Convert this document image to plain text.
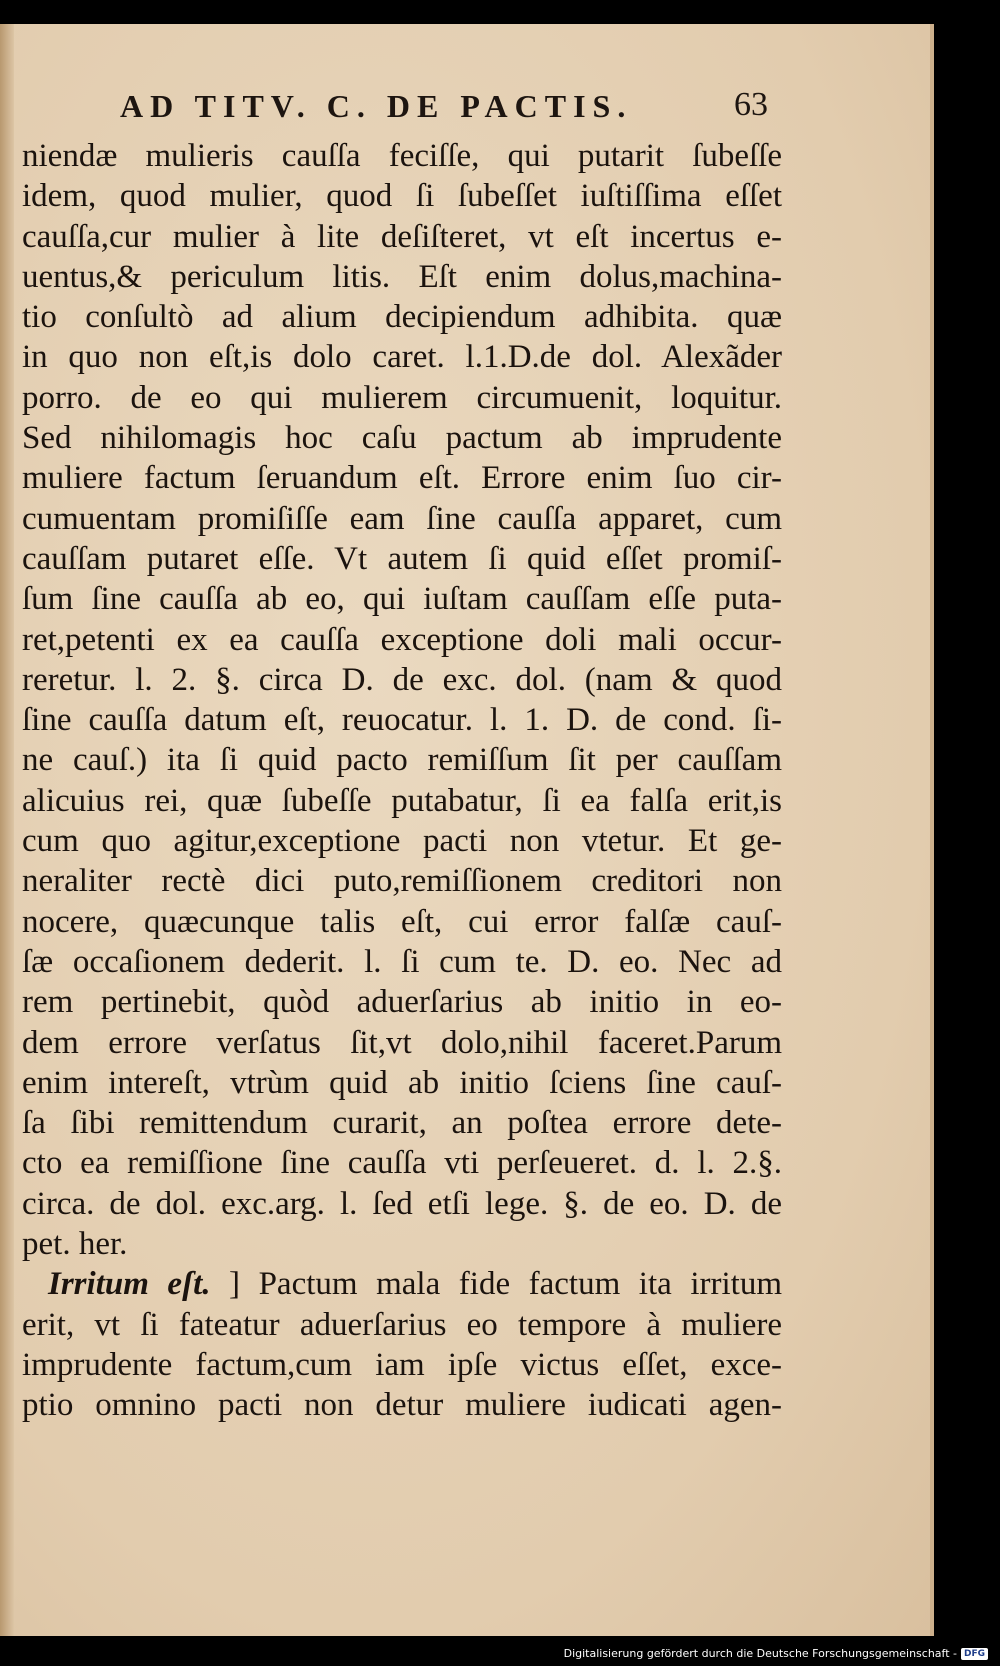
AD TITV. C. DE PACTIS.	63
niendæ mulieris cauſſa feciſſe, qui putarit ſubeſſe
idem, quod mulier, quod ſi ſubeſſet iuſtiſſima eſſet
cauſſa,cur mulier à lite deſiſteret, vt eſt incertus e-
uentus,& periculum litis. Eſt enim dolus,machina-
tio conſultò ad alium decipiendum adhibita. quæ
in quo non eſt,is dolo caret. l.1.D.de dol. Alexãder
porro. de eo qui mulierem circumuenit, loquitur.
Sed nihilomagis hoc caſu pactum ab imprudente
muliere factum ſeruandum eſt. Errore enim ſuo cir-
cumuentam promiſiſſe eam ſine cauſſa apparet, cum
cauſſam putaret eſſe. Vt autem ſi quid eſſet promiſ-
ſum ſine cauſſa ab eo, qui iuſtam cauſſam eſſe puta-
ret,petenti ex ea cauſſa exceptione doli mali occur-
reretur. l. 2. §. circa D. de exc. dol. (nam & quod
ſine cauſſa datum eſt, reuocatur. l. 1. D. de cond. ſi-
ne cauſ.) ita ſi quid pacto remiſſum ſit per cauſſam
alicuius rei, quæ ſubeſſe putabatur, ſi ea falſa erit,is
cum quo agitur,exceptione pacti non vtetur. Et ge-
neraliter rectè dici puto,remiſſionem creditori non
nocere, quæcunque talis eſt, cui error falſæ cauſ-
ſæ occaſionem dederit. l. ſi cum te. D. eo. Nec ad
rem pertinebit, quòd aduerſarius ab initio in eo-
dem errore verſatus ſit,vt dolo,nihil faceret.Parum
enim intereſt, vtrùm quid ab initio ſciens ſine cauſ-
ſa ſibi remittendum curarit, an poſtea errore dete-
cto ea remiſſione ſine cauſſa vti perſeueret. d. l. 2.§.
circa. de dol. exc.arg. l. ſed etſi lege. §. de eo. D. de
pet. her.
Irritum eſt. ] Pactum mala fide factum ita irritum
erit, vt ſi fateatur aduerſarius eo tempore à muliere
imprudente factum,cum iam ipſe victus eſſet, exce-
ptio omnino pacti non detur muliere iudicati agen-
Digitalisierung gefördert durch die Deutsche Forschungsgemeinschaft - DFG
